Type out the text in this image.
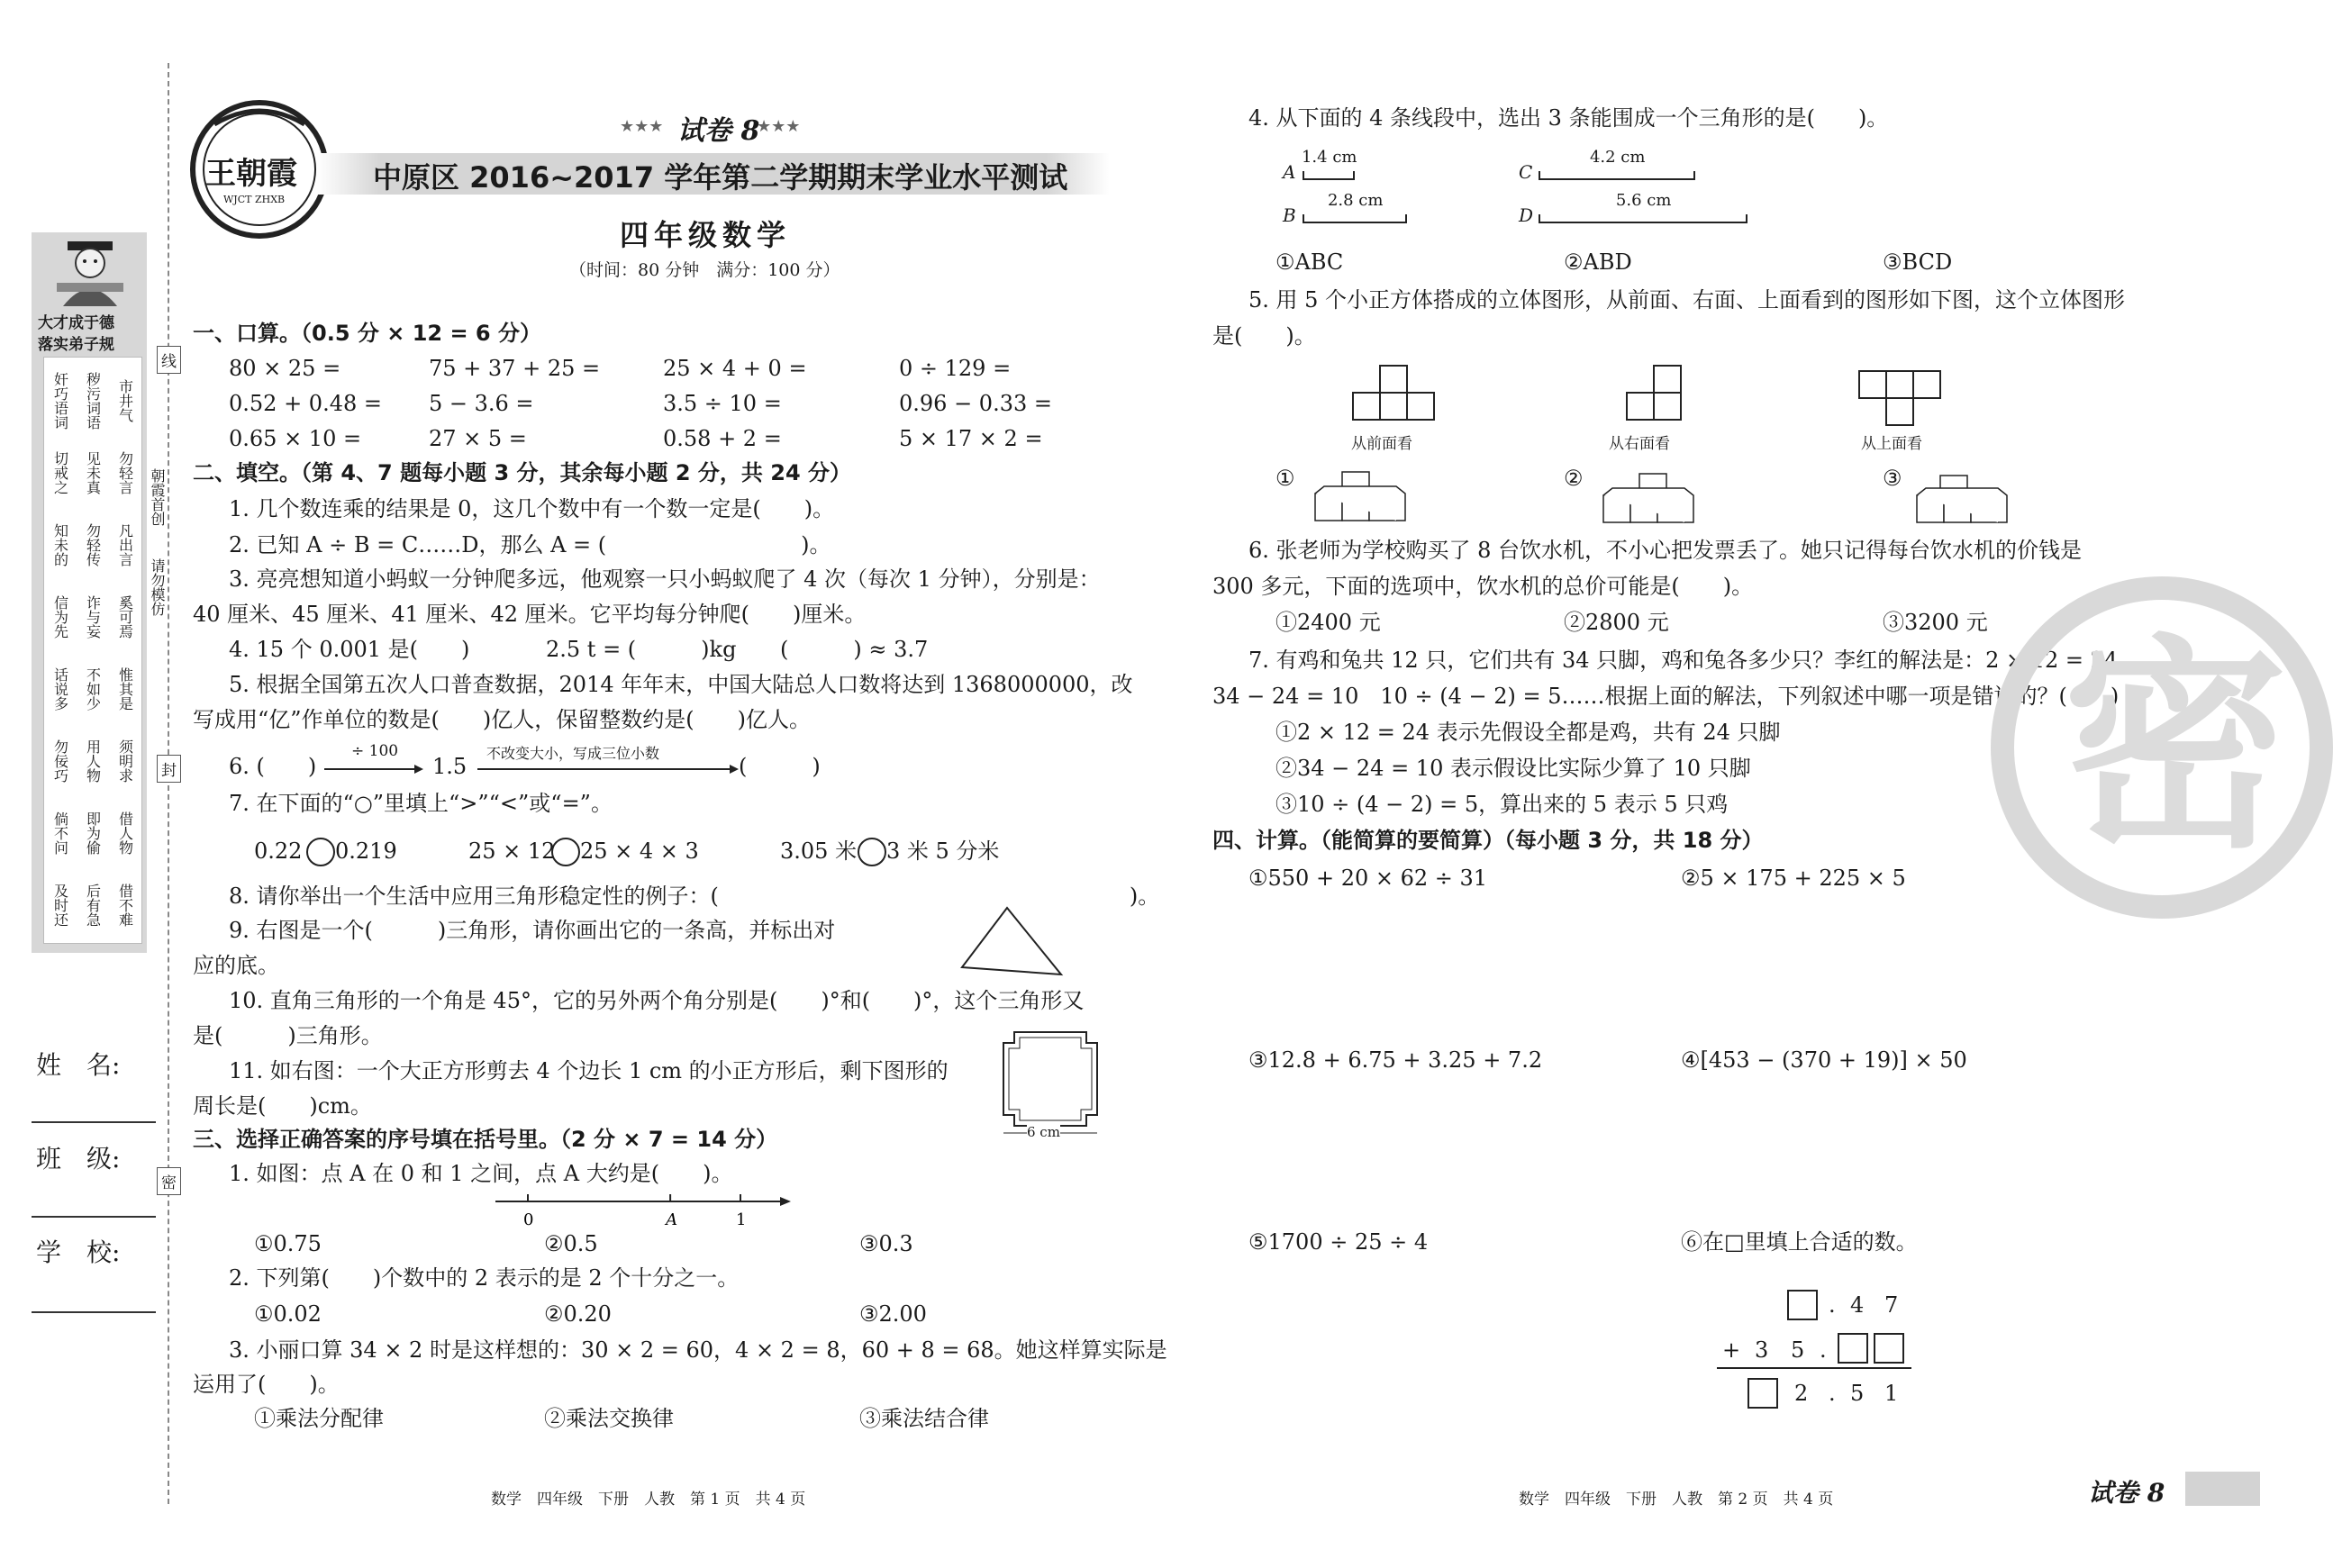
大才成于德
落实弟子规
奸巧语词 秽污词语 市井气
切戒之 见未真 勿轻言
知未的 勿轻传 凡出言
信为先 诈与妄 奚可焉
话说多 不如少 惟其是
勿佞巧 用人物 须明求
倘不问 即为偷 借人物
及时还 后有急 借不难
姓　名:
班　级:
学　校:
线
封
密
朝霞首创
请勿模仿
王朝霞
WJCT ZHXB
★★★ 试卷 8
★★★
中原区 2016~2017 学年第二学期期末学业水平测试
四年级数学
（时间：80 分钟　满分：100 分）
一、口算。（0.5 分 × 12 = 6 分）
二、填空。（第 4、7 题每小题 3 分，其余每小题 2 分，共 24 分）
1. 几个数连乘的结果是 0，这几个数中有一个数一定是(　　)。
2. 已知 A ÷ B = C……D，那么 A = (　　　　　　　　　)。
3. 亮亮想知道小蚂蚁一分钟爬多远，他观察一只小蚂蚁爬了 4 次（每次 1 分钟），分别是：
40 厘米、45 厘米、41 厘米、42 厘米。它平均每分钟爬(　　)厘米。
4. 15 个 0.001 是(　　)	2.5 t = (　　　)kg (　　　) ≈ 3.7
5. 根据全国第五次人口普查数据，2014 年年末，中国大陆总人口数将达到 1368000000，改
写成用“亿”作单位的数是(　　)亿人，保留整数约是(　　)亿人。
6. (　　)
÷ 100
1.5
不改变大小，写成三位小数
(　　　)
7. 在下面的“○”里填上“>”“<”或“=”。
0.22 0.219	25 × 12 25 × 4 × 3	3.05 米 3 米 5 分米
8. 请你举出一个生活中应用三角形稳定性的例子：(　　　　　　　　　　　　　　　　　　　)。
9. 右图是一个(　　　)三角形，请你画出它的一条高，并标出对
应的底。
10. 直角三角形的一个角是 45°，它的另外两个角分别是(　　)°和(　　)°，这个三角形又
是(　　　)三角形。
11. 如右图：一个大正方形剪去 4 个边长 1 cm 的小正方形后，剩下图形的
周长是(　　)cm。
6 cm
三、选择正确答案的序号填在括号里。（2 分 × 7 = 14 分）
1. 如图：点 A 在 0 和 1 之间，点 A 大约是(　　)。
0	A	1
2. 下列第(　　)个数中的 2 表示的是 2 个十分之一。
3. 小丽口算 34 × 2 时是这样想的：30 × 2 = 60，4 × 2 = 8，60 + 8 = 68。她这样算实际是
运用了(　　)。
数学　四年级　下册　人教　第 1 页　共 4 页
4. 从下面的 4 条线段中，选出 3 条能围成一个三角形的是(　　)。
5. 用 5 个小正方体搭成的立体图形，从前面、右面、上面看到的图形如下图，这个立体图形
是(　　)。
从前面看	从右面看	从上面看
①	②	③
6. 张老师为学校购买了 8 台饮水机，不小心把发票丢了。她只记得每台饮水机的价钱是
300 多元，下面的选项中，饮水机的总价可能是(　　)。
7. 有鸡和兔共 12 只，它们共有 34 只脚，鸡和兔各多少只？李红的解法是：2 × 12 = 24
34 − 24 = 10　10 ÷ (4 − 2) = 5……根据上面的解法，下列叙述中哪一项是错误的？(　　)
①2 × 12 = 24 表示先假设全都是鸡，共有 24 只脚
②34 − 24 = 10 表示假设比实际少算了 10 只脚
③10 ÷ (4 − 2) = 5，算出来的 5 表示 5 只鸡
四、计算。（能简算的要简算）（每小题 3 分，共 18 分）
①550 + 20 × 62 ÷ 31	②5 × 175 + 225 × 5
③12.8 + 6.75 + 3.25 + 7.2	④[453 − (370 + 19)] × 50
⑤1700 ÷ 25 ÷ 4	⑥在□里填上合适的数。
. 4 7
+ 3 5 .
2 . 5 1
密
数学　四年级　下册　人教　第 2 页　共 4 页	试卷 8
80 × 25 =	75 + 37 + 25 =	25 × 4 + 0 =	0 ÷ 129 =
0.52 + 0.48 = 5 − 3.6 =	3.5 ÷ 10 =	0.96 − 0.33 =
0.65 × 10 =	27 × 5 =	0.58 + 2 =	5 × 17 × 2 =
①0.75	②0.5	③0.3
①0.02	②0.20	③2.00
①乘法分配律	②乘法交换律	③乘法结合律
①ABC	②ABD	③BCD
①2400 元	②2800 元	③3200 元
A
1.4 cm
B
2.8 cm
C
4.2 cm
D
5.6 cm
